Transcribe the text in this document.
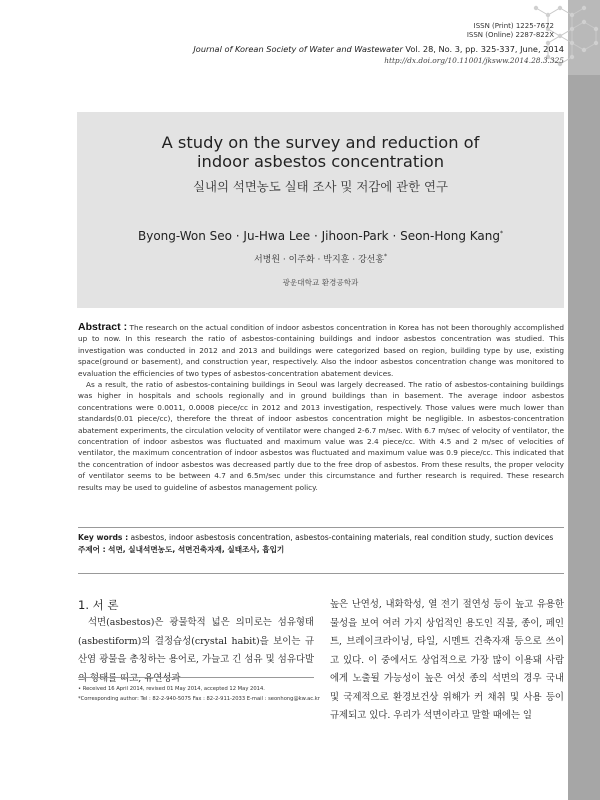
ISSN (Print) 1225-7672
ISSN (Online) 2287-822X
Journal of Korean Society of Water and Wastewater Vol. 28, No. 3, pp. 325-337, June, 2014
http://dx.doi.org/10.11001/jksww.2014.28.3.325
A study on the survey and reduction of
indoor asbestos concentration
실내의 석면농도 실태 조사 및 저감에 관한 연구
Byong-Won Seo · Ju-Hwa Lee · Jihoon-Park · Seon-Hong Kang*
서병원 · 이주화 · 박지훈 · 강선홍*
광운대학교 환경공학과

Abstract : The research on the actual condition of indoor asbestos concentration in Korea has not been thoroughly accomplished up to now. In this research the ratio of asbestos-containing buildings and indoor asbestos concentration was studied. This investigation was conducted in 2012 and 2013 and buildings were categorized based on region, building type by use, existing space(ground or basement), and construction year, respectively. Also the indoor asbestos concentration change was monitored to evaluation the efficiencies of two types of asbestos-concentration abatement devices.

As a result, the ratio of asbestos-containing buildings in Seoul was largely decreased. The ratio of asbestos-containing buildings was higher in hospitals and schools regionally and in ground buildings than in basement. The average indoor asbestos concentrations were 0.0011, 0.0008 piece/cc in 2012 and 2013 investigation, respectively. Those values were much lower than standards(0.01 piece/cc), therefore the threat of indoor asbestos concentration might be negligible. In asbestos-concentration abatement experiments, the circulation velocity of ventilator were changed 2-6.7 m/sec. With 6.7 m/sec of velocity of ventilator, the concentration of indoor asbestos was fluctuated and maximum value was 2.4 piece/cc. With 4.5 and 2 m/sec of velocities of ventilator, the maximum concentration of indoor asbestos was fluctuated and maximum value was 0.9 piece/cc. This indicated that the concentration of indoor asbestos was decreased partly due to the free drop of asbestos. From these results, the proper velocity of ventilator seems to be between 4.7 and 6.5m/sec under this circumstance and further research is required. These research results may be used to guideline of asbestos management policy.

Key words : asbestos, indoor asbestosis concentration, asbestos-containing materials, real condition study, suction devices
주제어 : 석면, 실내석면농도, 석면건축자재, 실태조사, 흡입기
1. 서 론

석면(asbestos)은 광물학적 넓은 의미로는 섬유형태(asbestiform)의 결정습성(crystal habit)을 보이는 규산염 광물을 총칭하는 용어로, 가늘고 긴 섬유 및 섬유다발의 형태를 띠고, 유연성과

높은 난연성, 내화학성, 열 전기 절연성 등이 높고 유용한 물성을 보여 여러 가지 상업적인 용도인 직물, 종이, 페인트, 브레이크라이닝, 타일, 시멘트 건축자재 등으로 쓰이고 있다. 이 중에서도 상업적으로 가장 많이 이용돼 사람에게 노출될 가능성이 높은 여섯 종의 석면의 경우 국내 및 국제적으로 환경보건상 위해가 커 채취 및 사용 등이 규제되고 있다. 우리가 석면이라고 말할 때에는 일

• Received 16 April 2014, revised 01 May 2014, accepted 12 May 2014.
*Corresponding author: Tel : 82-2-940-5075 Fax : 82-2-911-2033 E-mail : seonhong@kw.ac.kr
